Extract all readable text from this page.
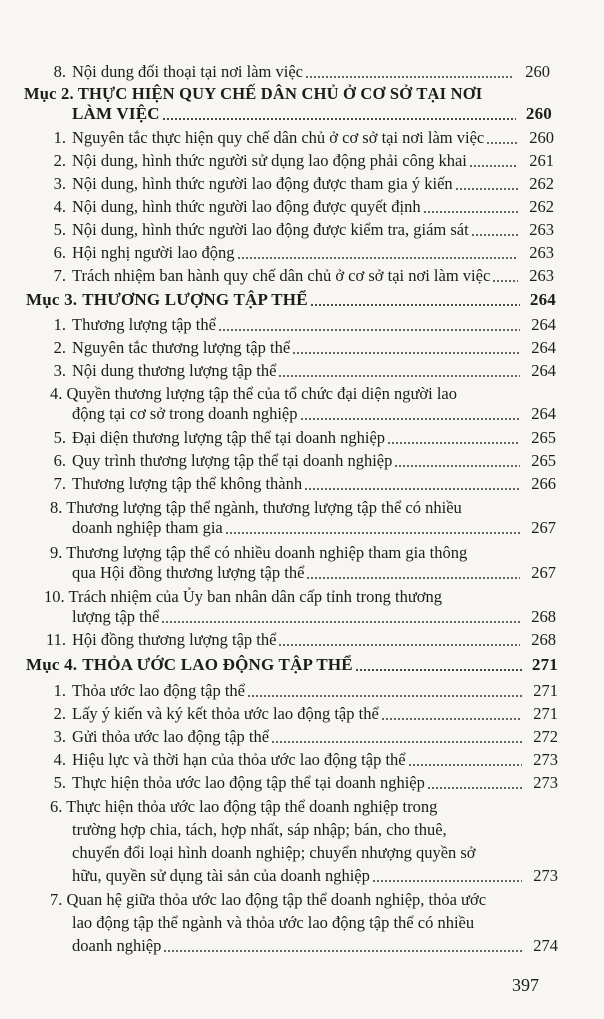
8. Nội dung đối thoại tại nơi làm việc	260
Mục 2. THỰC HIỆN QUY CHẾ DÂN CHỦ Ở CƠ SỞ TẠI NƠI
LÀM VIỆC	260
1. Nguyên tắc thực hiện quy chế dân chủ ở cơ sở tại nơi làm việc	260
2. Nội dung, hình thức người sử dụng lao động phải công khai	261
3. Nội dung, hình thức người lao động được tham gia ý kiến	262
4. Nội dung, hình thức người lao động được quyết định	262
5. Nội dung, hình thức người lao động được kiểm tra, giám sát	263
6. Hội nghị người lao động	263
7. Trách nhiệm ban hành quy chế dân chủ ở cơ sở tại nơi làm việc	263
Mục 3. THƯƠNG LƯỢNG TẬP THỂ	264
1. Thương lượng tập thể	264
2. Nguyên tắc thương lượng tập thể	264
3. Nội dung thương lượng tập thể	264
4. Quyền thương lượng tập thể của tổ chức đại diện người lao
động tại cơ sở trong doanh nghiệp	264
5. Đại diện thương lượng tập thể tại doanh nghiệp	265
6. Quy trình thương lượng tập thể tại doanh nghiệp	265
7. Thương lượng tập thể không thành	266
8. Thương lượng tập thể ngành, thương lượng tập thể có nhiều
doanh nghiệp tham gia	267
9. Thương lượng tập thể có nhiều doanh nghiệp tham gia thông
qua Hội đồng thương lượng tập thể	267
10. Trách nhiệm của Ủy ban nhân dân cấp tỉnh trong thương
lượng tập thể	268
11. Hội đồng thương lượng tập thể	268
Mục 4. THỎA ƯỚC LAO ĐỘNG TẬP THỂ	271
1. Thỏa ước lao động tập thể	271
2. Lấy ý kiến và ký kết thỏa ước lao động tập thể	271
3. Gửi thỏa ước lao động tập thể	272
4. Hiệu lực và thời hạn của thỏa ước lao động tập thể	273
5. Thực hiện thỏa ước lao động tập thể tại doanh nghiệp	273
6. Thực hiện thỏa ước lao động tập thể doanh nghiệp trong
trường hợp chia, tách, hợp nhất, sáp nhập; bán, cho thuê,
chuyển đổi loại hình doanh nghiệp; chuyển nhượng quyền sở
hữu, quyền sử dụng tài sản của doanh nghiệp	273
7. Quan hệ giữa thỏa ước lao động tập thể doanh nghiệp, thỏa ước
lao động tập thể ngành và thỏa ước lao động tập thể có nhiều
doanh nghiệp	274
397
